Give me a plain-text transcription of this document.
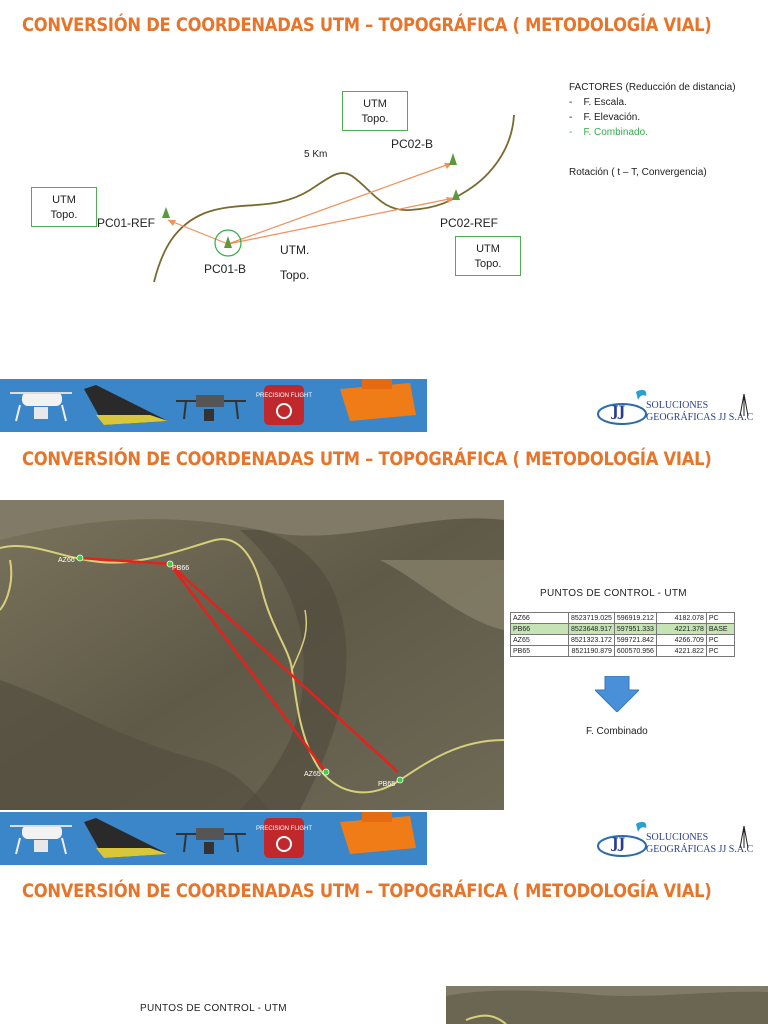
CONVERSIÓN DE COORDENADAS UTM – TOPOGRÁFICA ( METODOLOGÍA VIAL)
UTM
Topo.
UTM
Topo.
UTM
Topo.
PC01-REF
PC01-B
PC02-B
PC02-REF
5 Km
UTM.
Topo.
FACTORES (Reducción de distancia)
-    F. Escala.
-    F. Elevación.
-    F. Combinado.
Rotación ( t – T, Convergencia)
PRECISION FLIGHT
SOLUCIONES
GEOGRÁFICAS JJ S.A.C
JJ
CONVERSIÓN DE COORDENADAS UTM – TOPOGRÁFICA ( METODOLOGÍA VIAL)
AZ66
PB66
AZ65
PB65
PUNTOS DE CONTROL - UTM
AZ66	8523719.025	596919.212	4182.078	PC
PB66	8523648.917	597951.333	4221.378	BASE
AZ65	8521323.172	599721.842	4266.709	PC
PB65	8521190.879	600570.956	4221.822	PC
F. Combinado
PRECISION FLIGHT
SOLUCIONES
GEOGRÁFICAS JJ S.A.C
JJ
CONVERSIÓN DE COORDENADAS UTM – TOPOGRÁFICA ( METODOLOGÍA VIAL)
PUNTOS DE CONTROL - UTM
